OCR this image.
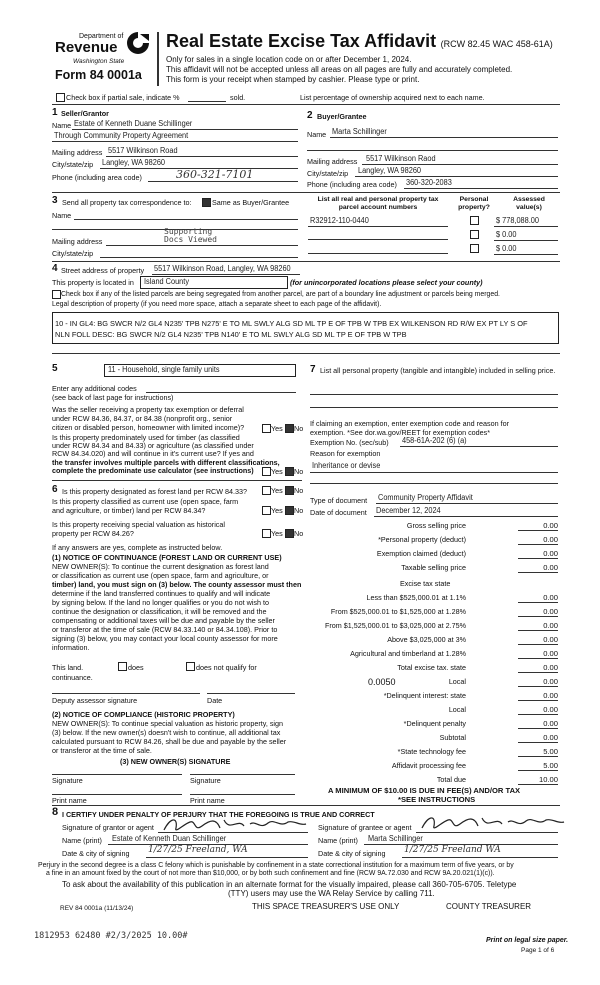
Department of
Revenue
Washington State
Form 84 0001a
Real Estate Excise Tax Affidavit (RCW 82.45 WAC 458-61A)
Only for sales in a single location code on or after December 1, 2024.
This affidavit will not be accepted unless all areas on all pages are fully and accurately completed.
This form is your receipt when stamped by cashier. Please type or print.
Check box if partial sale, indicate %	sold.	List percentage of ownership acquired next to each name.
1 Seller/Grantor
Name Estate of Kenneth Duane Schillinger
Through Community Property Agreement
Mailing address 5517 Wilkinson Road
City/state/zip Langley, WA 98260
Phone (including area code)	360-321-7101
2 Buyer/Grantee
Name Marta Schillinger
Mailing address 5517 Wilkinson Raod
City/state/zip Langley, WA 98260
Phone (including area code) 360-320-2083
3 Send all property tax correspondence to:	Same as Buyer/Grantee
Name
Supporting
Docs Viewed
Mailing address
City/state/zip
List all real and personal property tax parcel account numbers
Personal property?
Assessed value(s)
R32912-110-0440	$ 778,088.00
$ 0.00
$ 0.00
4 Street address of property 5517 Wilkinson Road, Langley, WA 98260
This property is located in Island County	(for unincorporated locations please select your county)
Check box if any of the listed parcels are being segregated from another parcel, are part of a boundary line adjustment or parcels being merged.
Legal description of property (if you need more space, attach a separate sheet to each page of the affidavit).
10 - IN GL4: BG SWCR N/2 GL4 N235' TPB N275' E TO ML SWLY ALG SD ML TP E OF TPB W TPB EX WILKENSON RD R/W EX PT LY S OF
NLN FOLL DESC: BG SWCR N/2 GL4 N235' TPB N140' E TO ML SWLY ALG SD ML TP E OF TPB W TPB
5	11 - Household, single family units
Enter any additional codes
(see back of last page for instructions)
Was the seller receiving a property tax exemption or deferral
under RCW 84.36, 84.37, or 84.38 (nonprofit org., senior
citizen or disabled person, homeowner with limited income)?	Yes No
Is this property predominately used for timber (as classified
under RCW 84.34 and 84.33) or agriculture (as classified under
RCW 84.34.020) and will continue in it's current use? If yes and
the transfer involves multiple parcels with different classifications,
complete the predominate use calculator (see instructions)	Yes No
6 Is this property designated as forest land per RCW 84.33?	Yes No
Is this property classified as current use (open space, farm
and agriculture, or timber) land per RCW 84.34?	Yes No
Is this property receiving special valuation as historical
property per RCW 84.26?	Yes No
If any answers are yes, complete as instructed below.
(1) NOTICE OF CONTINUANCE (FOREST LAND OR CURRENT USE)
NEW OWNER(S): To continue the current designation as forest land
or classification as current use (open space, farm and agriculture, or
timber) land, you must sign on (3) below. The county assessor must then
determine if the land transferred continues to qualify and will indicate
by signing below. If the land no longer qualifies or you do not wish to
continue the designation or classification, it will be removed and the
compensating or additional taxes will be due and payable by the seller
or transferor at the time of sale (RCW 84.33.140 or 84.34.108). Prior to
signing (3) below, you may contact your local county assessor for more
information.
This land.	does	does not qualify for
continuance.
Deputy assessor signature	Date
(2) NOTICE OF COMPLIANCE (HISTORIC PROPERTY)
NEW OWNER(S): To continue special valuation as historic property, sign
(3) below. If the new owner(s) doesn't wish to continue, all additional tax
calculated pursuant to RCW 84.26, shall be due and payable by the seller
or transferor at the time of sale.
(3) NEW OWNER(S) SIGNATURE
Signature	Signature
Print name	Print name
7 List all personal property (tangible and intangible) included in selling price.
If claiming an exemption, enter exemption code and reason for
exemption. *See dor.wa.gov/REET for exemption codes*
Exemption No. (sec/sub) 458-61A-202 (6) (a)
Reason for exemption
Inheritance or devise
Type of document Community Property Affidavit
Date of document December 12, 2024
Gross selling price	0.00
*Personal property (deduct)	0.00
Exemption claimed (deduct)	0.00
Taxable selling price	0.00
Excise tax state
Less than $525,000.01 at 1.1%	0.00
From $525,000.01 to $1,525,000 at 1.28%	0.00
From $1,525,000.01 to $3,025,000 at 2.75%	0.00
Above $3,025,000 at 3%	0.00
Agricultural and timberland at 1.28%	0.00
Total excise tax. state	0.00
0.0050	Local	0.00
*Delinquent interest: state	0.00
Local	0.00
*Delinquent penalty	0.00
Subtotal	0.00
*State technology fee	5.00
Affidavit processing fee	5.00
Total due	10.00
A MINIMUM OF $10.00 IS DUE IN FEE(S) AND/OR TAX
*SEE INSTRUCTIONS
8 I CERTIFY UNDER PENALTY OF PERJURY THAT THE FOREGOING IS TRUE AND CORRECT
Signature of grantor or agent
Name (print) Estate of Kenneth Duan Schillinger
Date & city of signing 1/27/25 Freeland, WA
Signature of grantee or agent
Name (print) Marta Schillinger
Date & city of signing 1/27/25 Freeland WA
Perjury in the second degree is a class C felony which is punishable by confinement in a state correctional institution for a maximum term of five years, or by
a fine in an amount fixed by the court of not more than $10,000, or by both such confinement and fine (RCW 9A.72.030 and RCW 9A.20.021(1)(c)).
To ask about the availability of this publication in an alternate format for the visually impaired, please call 360-705-6705. Teletype
(TTY) users may use the WA Relay Service by calling 711.
REV 84 0001a (11/13/24)	THIS SPACE TREASURER'S USE ONLY	COUNTY TREASURER
1812953 62480 #2/3/2025 10.00#	Print on legal size paper.
Page 1 of 6
